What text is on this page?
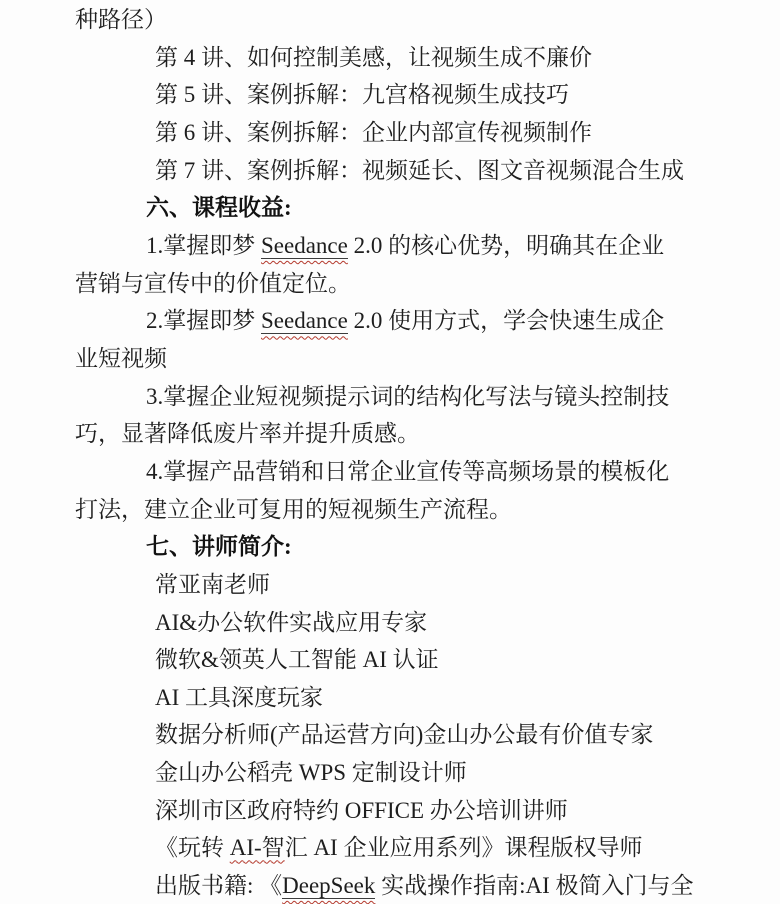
种路径）
第 4 讲、如何控制美感，让视频生成不廉价
第 5 讲、案例拆解：九宫格视频生成技巧
第 6 讲、案例拆解：企业内部宣传视频制作
第 7 讲、案例拆解：视频延长、图文音视频混合生成
六、课程收益:
1.掌握即梦 Seedance 2.0 的核心优势，明确其在企业
营销与宣传中的价值定位。
2.掌握即梦 Seedance 2.0 使用方式，学会快速生成企
业短视频
3.掌握企业短视频提示词的结构化写法与镜头控制技
巧，显著降低废片率并提升质感。
4.掌握产品营销和日常企业宣传等高频场景的模板化
打法，建立企业可复用的短视频生产流程。
七、讲师简介:
常亚南老师
AI&办公软件实战应用专家
微软&领英人工智能 AI 认证
AI 工具深度玩家
数据分析师(产品运营方向)金山办公最有价值专家
金山办公稻壳 WPS 定制设计师
深圳市区政府特约 OFFICE 办公培训讲师
《玩转 AI-智汇 AI 企业应用系列》课程版权导师
出版书籍: 《DeepSeek 实战操作指南:AI 极简入门与全
